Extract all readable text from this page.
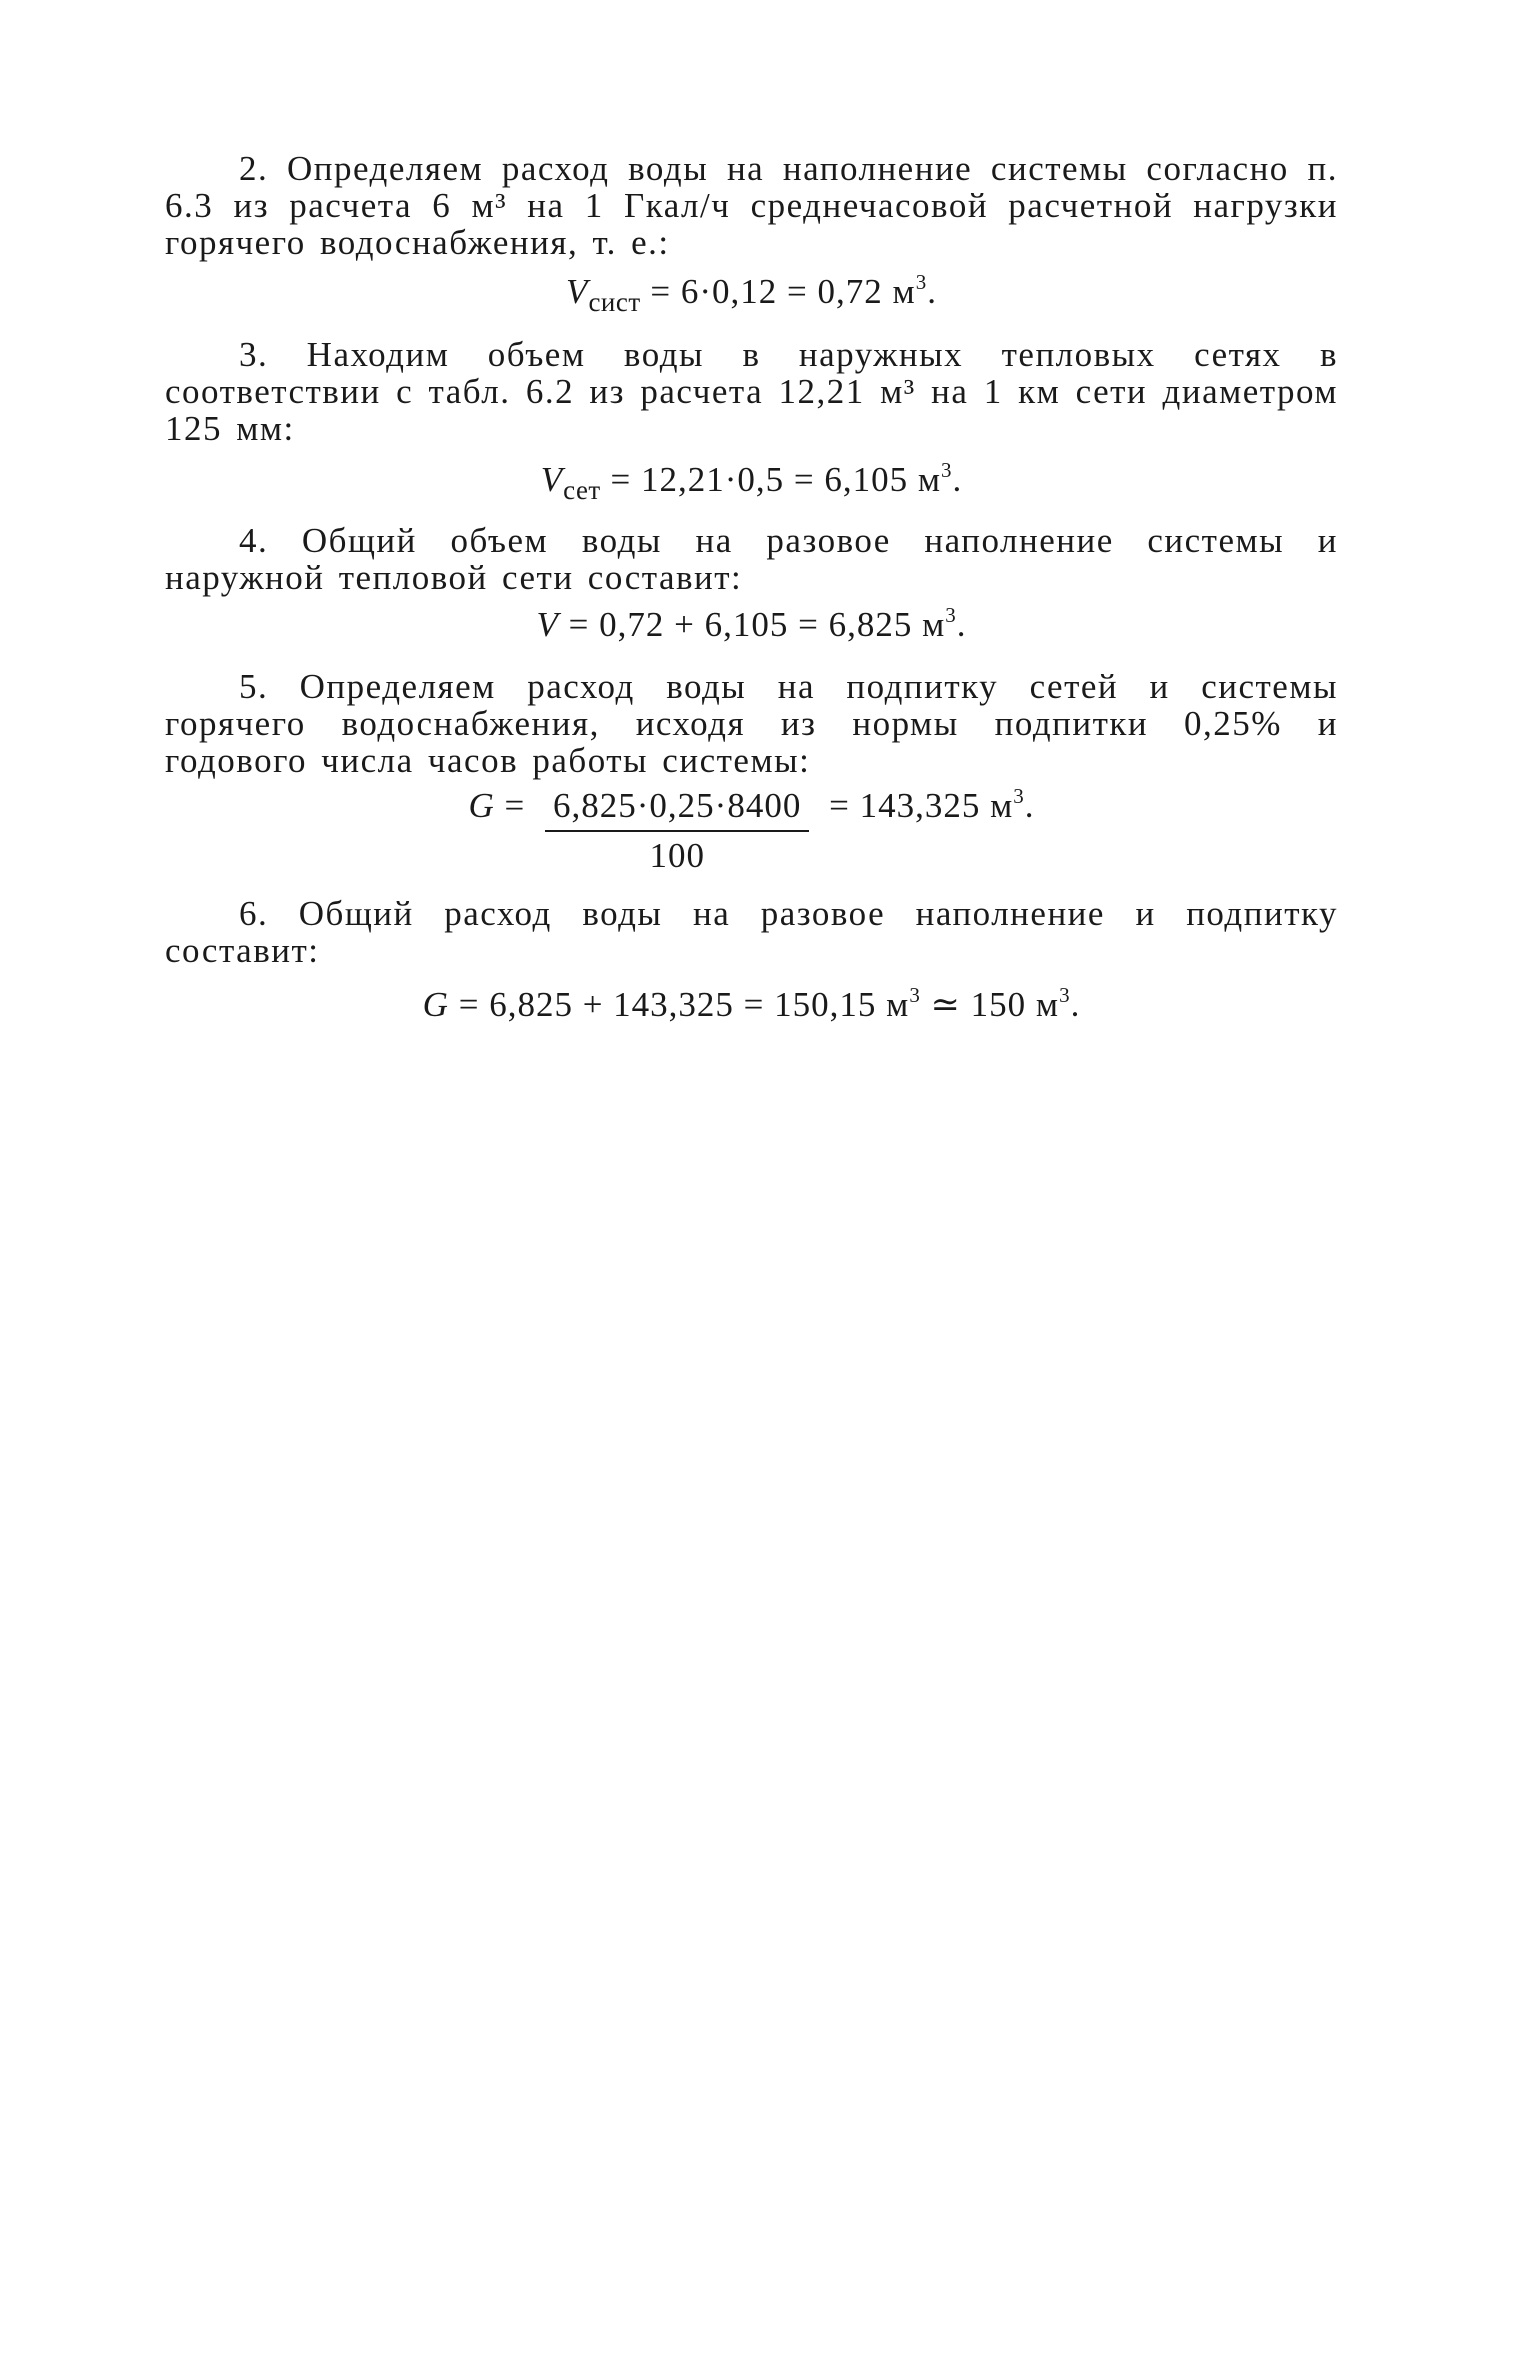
2. Определяем расход воды на наполнение системы согласно п. 6.3 из расчета 6 м³ на 1 Гкал/ч среднечасовой расчетной нагрузки горячего водоснабжения, т. е.:

$V_{сист} = 6\cdot 0,12 = 0,72$ $м^3$.

3. Находим объем воды в наружных тепловых сетях в соответствии с табл. 6.2 из расчета 12,21 м³ на 1 км сети диаметром 125 мм:

$V_{сет} = 12,21\cdot 0,5 = 6,105$ $м^3$.

4. Общий объем воды на разовое наполнение системы и наружной тепловой сети составит:

V = 0,72 + 6,105 = 6,825 $м^3$.

5. Определяем расход воды на подпитку сетей и системы горячего водоснабжения, исходя из нормы подпитки 0,25% и годового числа часов работы системы:

$G = \frac{6,825\cdot 0,25\cdot 8400}{100} = 143,325$ $м^3$.

6. Общий расход воды на разовое наполнение и подпитку составит:

G = 6,825 + 143,325 = 150,15 $м^3$ ≃ 150 $м^3$.
